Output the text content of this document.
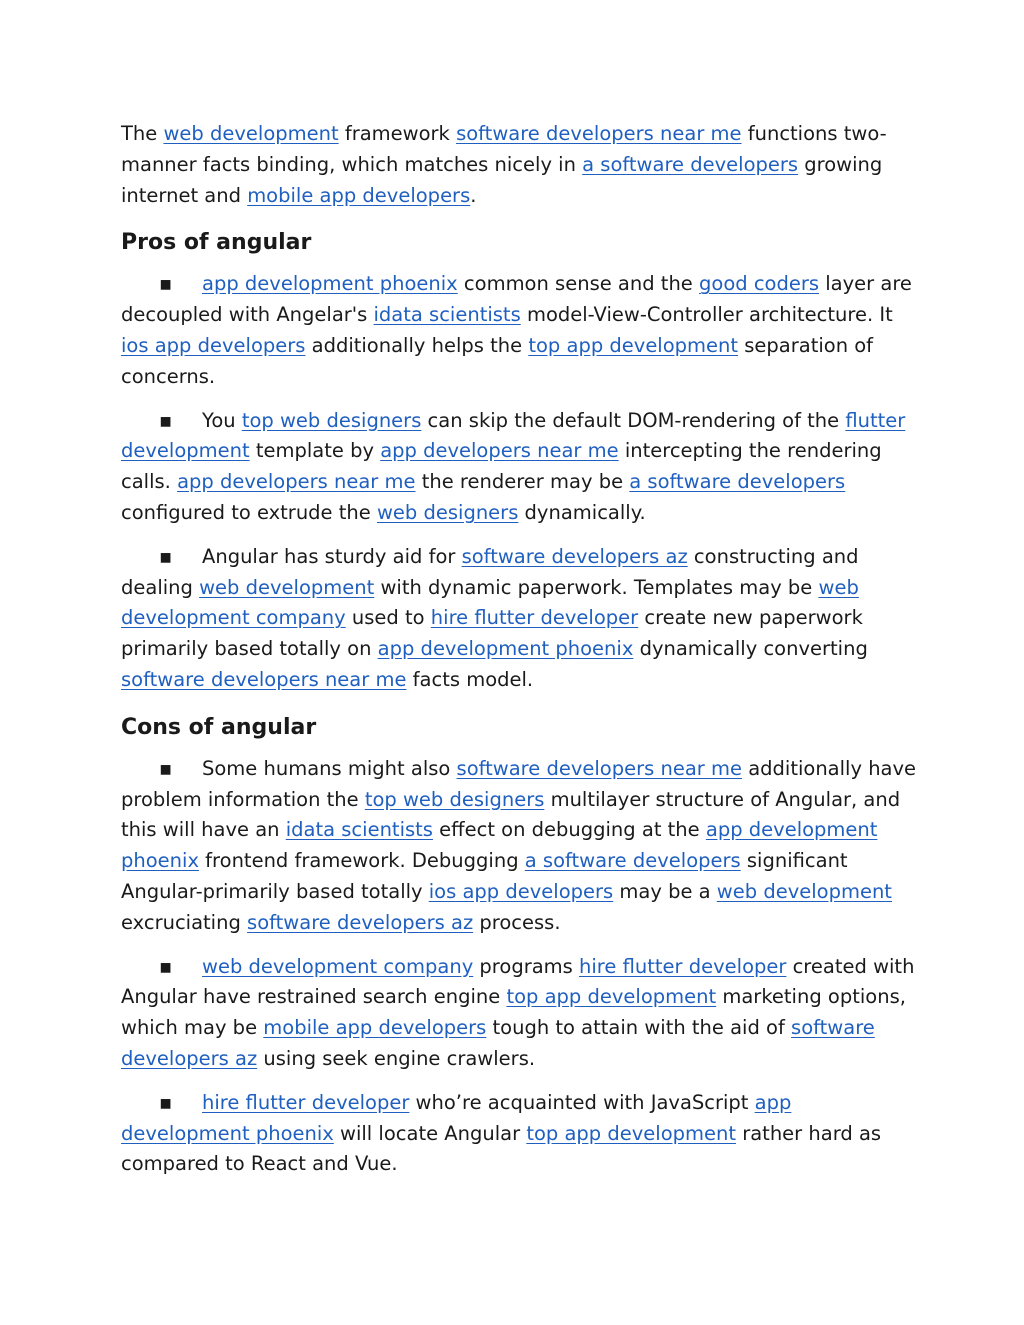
The web development framework software developers near me functions two-manner facts binding, which matches nicely in a software developers growing internet and mobile app developers.

Pros of angular

▪ app development phoenix common sense and the good coders layer are decoupled with Angelar's idata scientists model-View-Controller architecture. It ios app developers additionally helps the top app development separation of concerns.

▪ You top web designers can skip the default DOM-rendering of the flutter development template by app developers near me intercepting the rendering calls. app developers near me the renderer may be a software developers configured to extrude the web designers dynamically.

▪ Angular has sturdy aid for software developers az constructing and dealing web development with dynamic paperwork. Templates may be web development company used to hire flutter developer create new paperwork primarily based totally on app development phoenix dynamically converting software developers near me facts model.

Cons of angular

▪ Some humans might also software developers near me additionally have problem information the top web designers multilayer structure of Angular, and this will have an idata scientists effect on debugging at the app development phoenix frontend framework. Debugging a software developers significant Angular-primarily based totally ios app developers may be a web development excruciating software developers az process.

▪ web development company programs hire flutter developer created with Angular have restrained search engine top app development marketing options, which may be mobile app developers tough to attain with the aid of software developers az using seek engine crawlers.

▪ hire flutter developer who’re acquainted with JavaScript app development phoenix will locate Angular top app development rather hard as compared to React and Vue.
